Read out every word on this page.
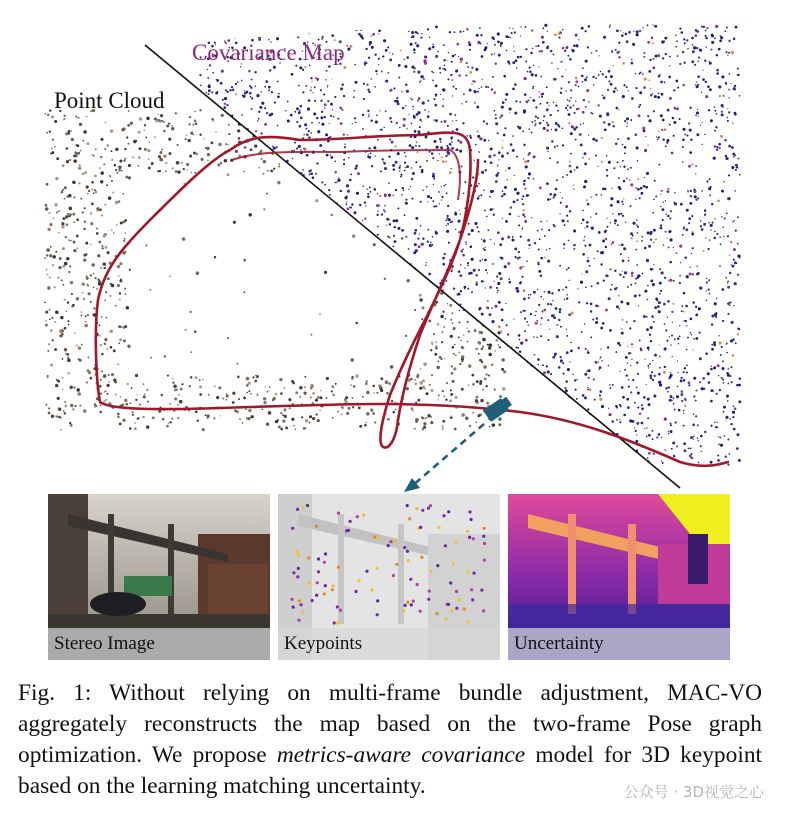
Covariance Map
Point Cloud
Stereo Image	Keypoints	Uncertainty
Fig. 1: Without relying on multi-frame bundle adjustment, MAC-VO aggregately reconstructs the map based on the two-frame Pose graph optimization. We propose metrics-aware covariance model for 3D keypoint based on the learning matching uncertainty.	公众号 · 3D视觉之心
